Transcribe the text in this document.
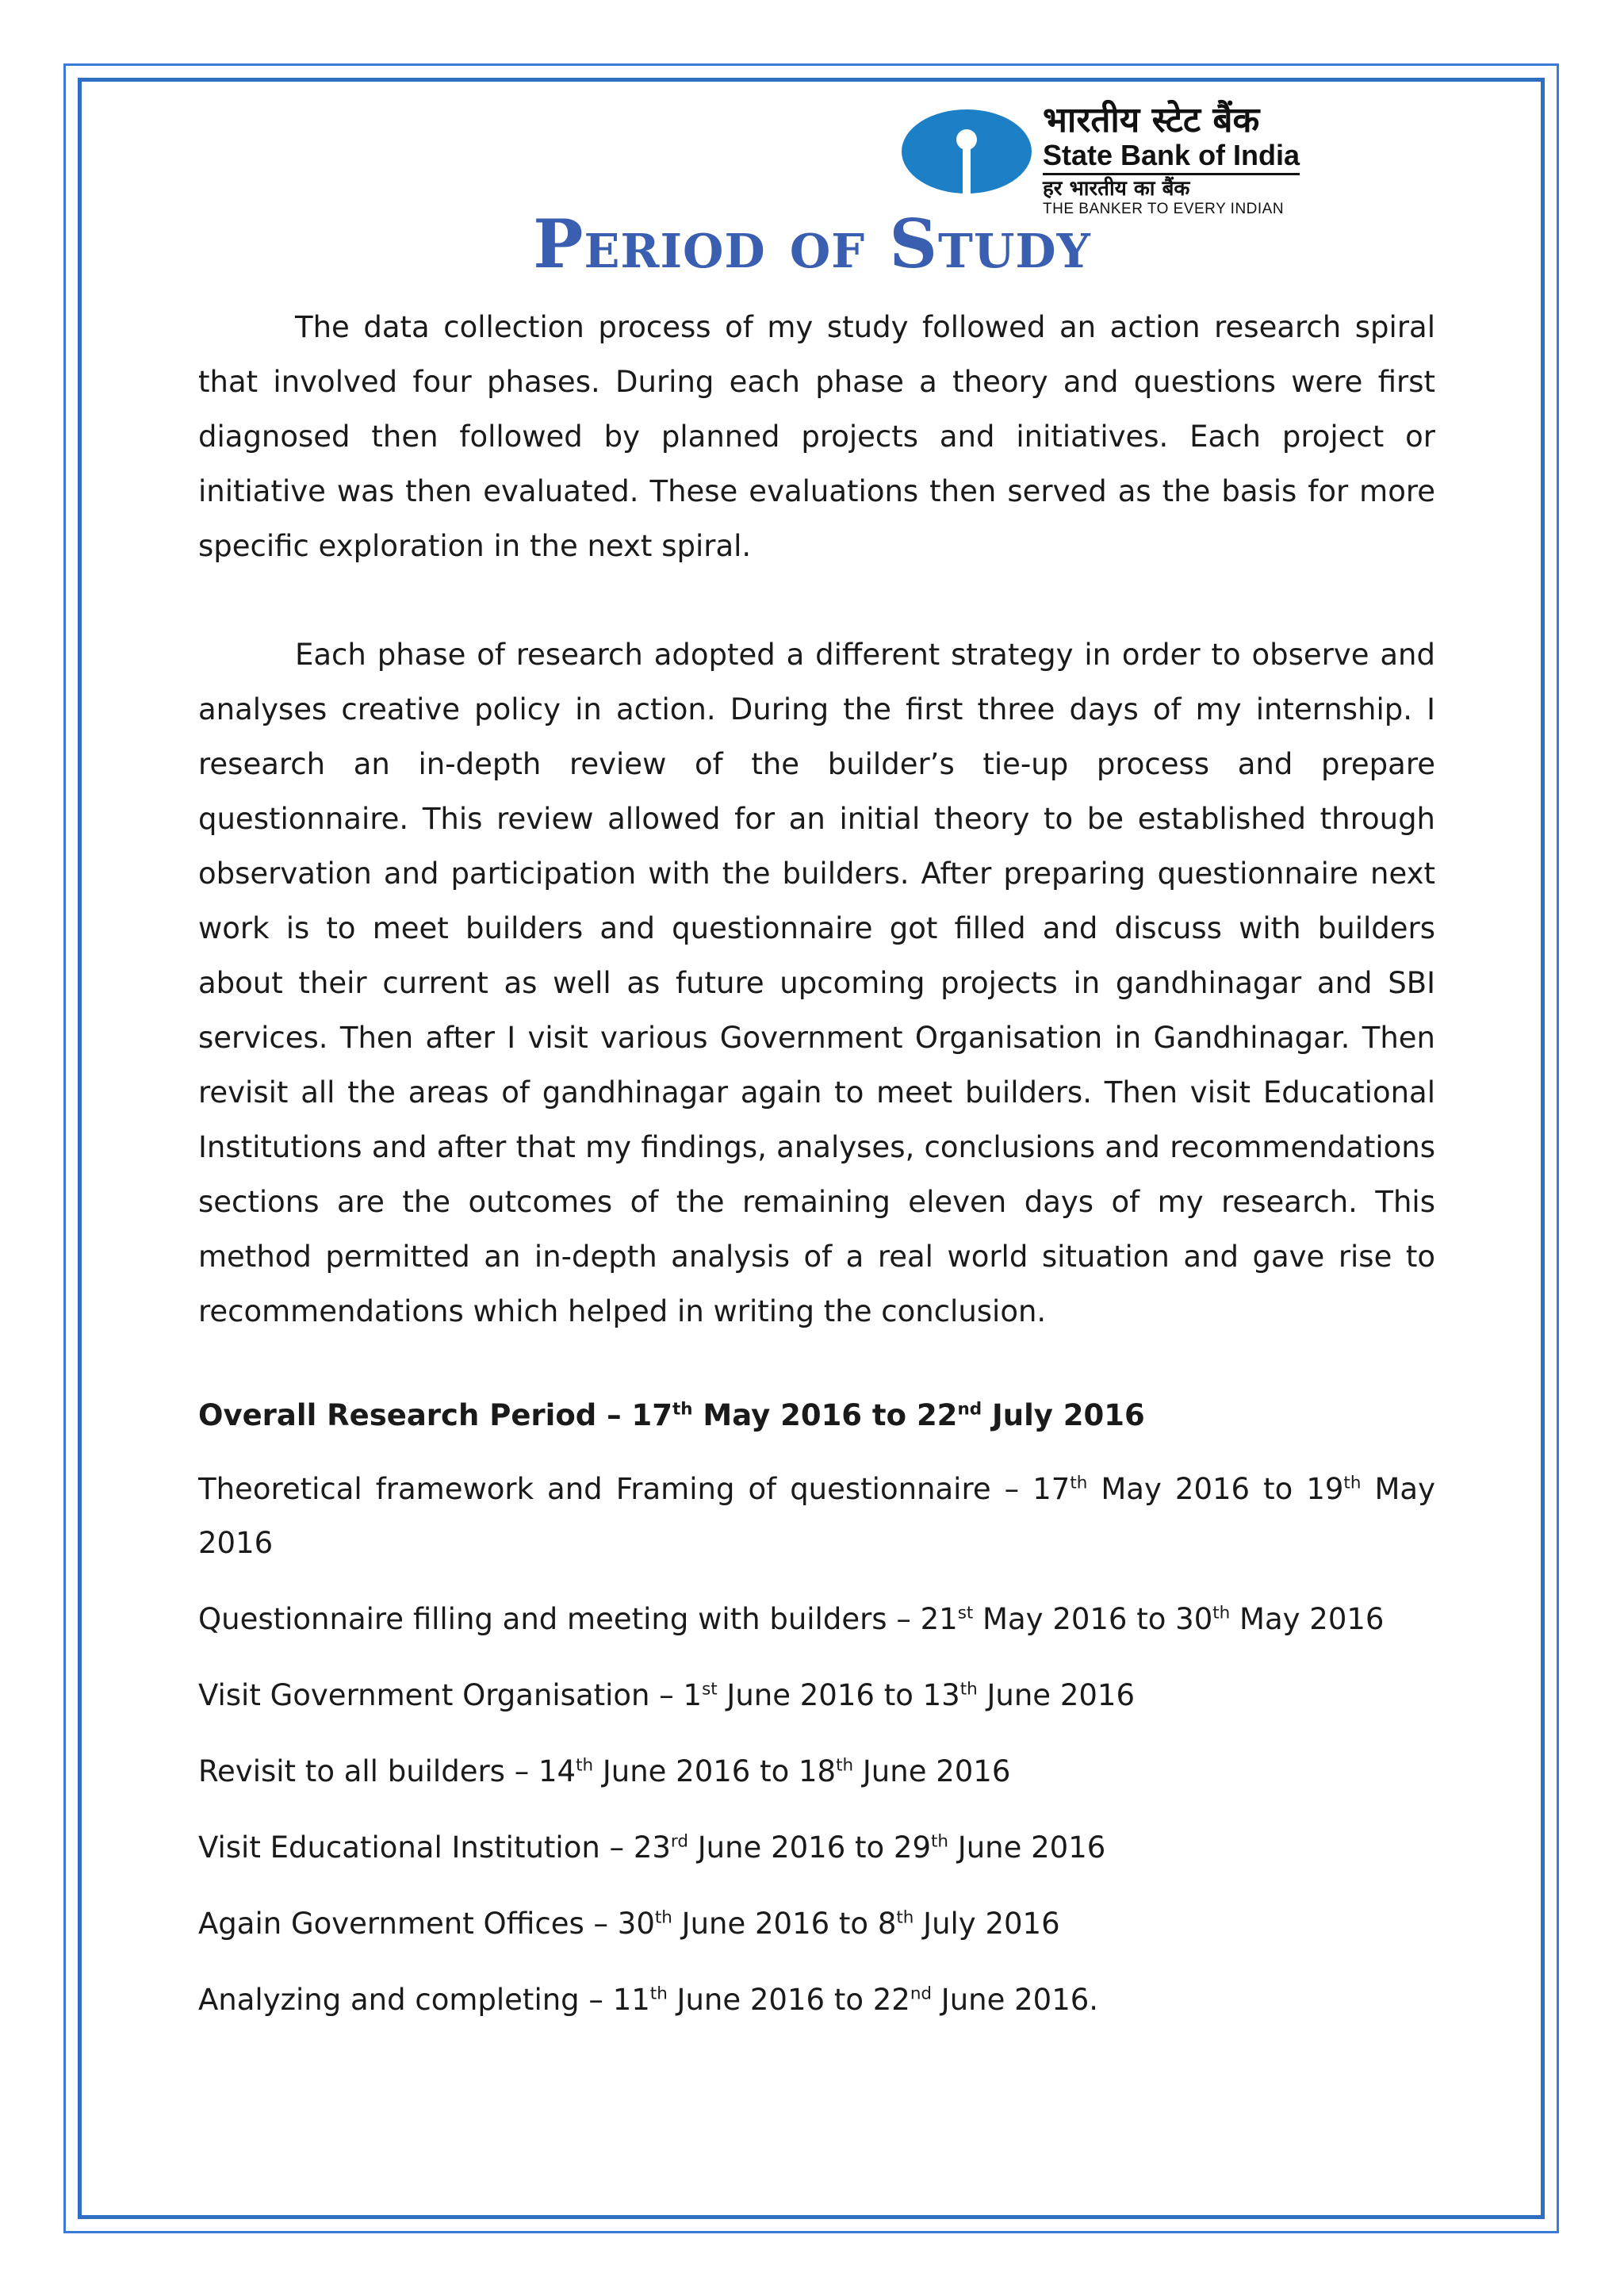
भारतीय स्टेट बैंक
State Bank of India
हर भारतीय का बैंक
THE BANKER TO EVERY INDIAN
Period of Study

The data collection process of my study followed an action research spiral that involved four phases. During each phase a theory and questions were first diagnosed then followed by planned projects and initiatives. Each project or initiative was then evaluated. These evaluations then served as the basis for more specific exploration in the next spiral.

Each phase of research adopted a different strategy in order to observe and analyses creative policy in action. During the first three days of my internship. I research an in-depth review of the builder’s tie-up process and prepare questionnaire. This review allowed for an initial theory to be established through observation and participation with the builders. After preparing questionnaire next work is to meet builders and questionnaire got filled and discuss with builders about their current as well as future upcoming projects in gandhinagar and SBI services. Then after I visit various Government Organisation in Gandhinagar. Then revisit all the areas of gandhinagar again to meet builders. Then visit Educational Institutions and after that my findings, analyses, conclusions and recommendations sections are the outcomes of the remaining eleven days of my research. This method permitted an in-depth analysis of a real world situation and gave rise to recommendations which helped in writing the conclusion.

Overall Research Period – 17th May 2016 to 22nd July 2016
Theoretical framework and Framing of questionnaire – 17th May 2016 to 19th May 2016
Questionnaire filling and meeting with builders – 21st May 2016 to 30th May 2016
Visit Government Organisation – 1st June 2016 to 13th June 2016
Revisit to all builders – 14th June 2016 to 18th June 2016
Visit Educational Institution – 23rd June 2016 to 29th June 2016
Again Government Offices – 30th June 2016 to 8th July 2016
Analyzing and completing – 11th June 2016 to 22nd June 2016.
